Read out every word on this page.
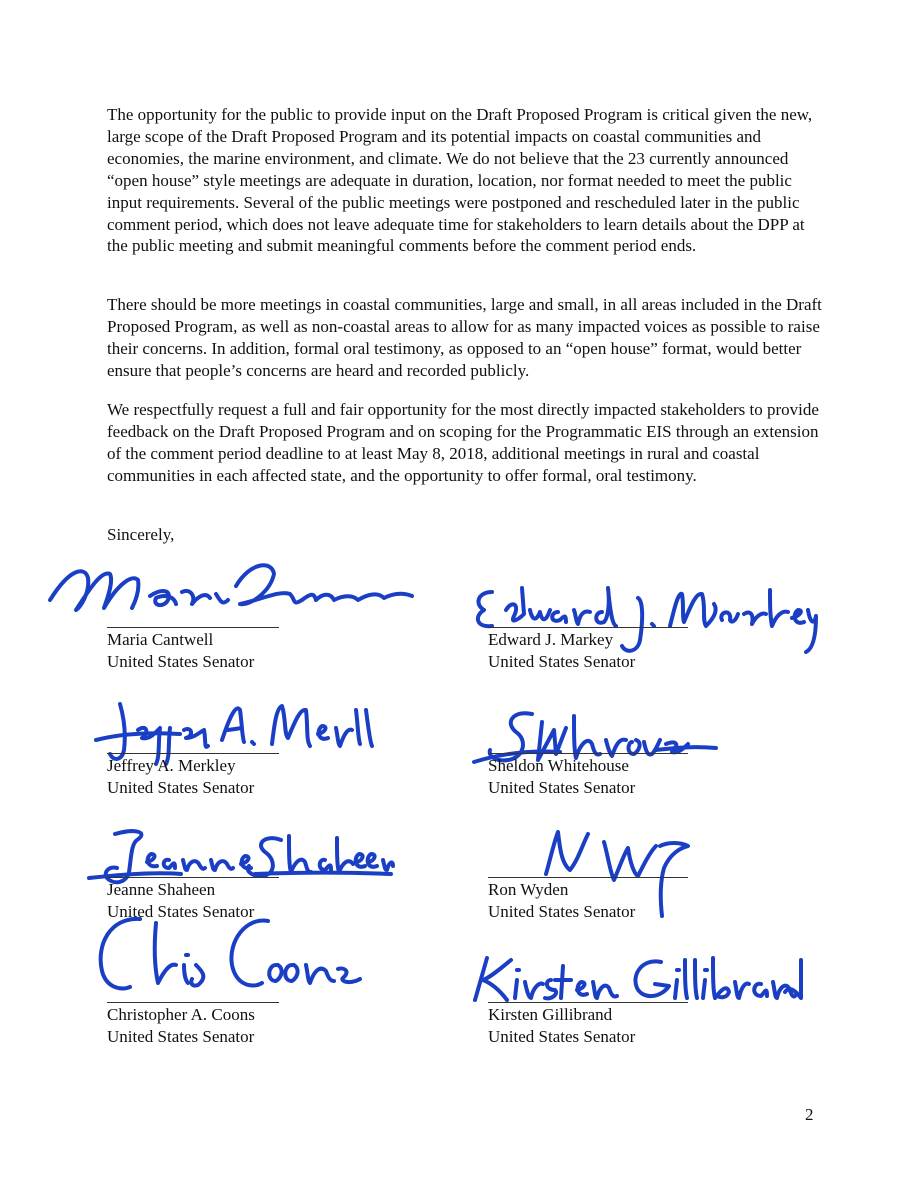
The opportunity for the public to provide input on the Draft Proposed Program is critical given the new, large scope of the Draft Proposed Program and its potential impacts on coastal communities and economies, the marine environment, and climate. We do not believe that the 23 currently announced “open house” style meetings are adequate in duration, location, nor format needed to meet the public input requirements. Several of the public meetings were postponed and rescheduled later in the public comment period, which does not leave adequate time for stakeholders to learn details about the DPP at the public meeting and submit meaningful comments before the comment period ends.

There should be more meetings in coastal communities, large and small, in all areas included in the Draft Proposed Program, as well as non-coastal areas to allow for as many impacted voices as possible to raise their concerns. In addition, formal oral testimony, as opposed to an “open house” format, would better ensure that people’s concerns are heard and recorded publicly.

We respectfully request a full and fair opportunity for the most directly impacted stakeholders to provide feedback on the Draft Proposed Program and on scoping for the Programmatic EIS through an extension of the comment period deadline to at least May 8, 2018, additional meetings in rural and coastal communities in each affected state, and the opportunity to offer formal, oral testimony.

Sincerely,
Maria Cantwell
United States Senator
Edward J. Markey
United States Senator
Jeffrey A. Merkley
United States Senator
Sheldon Whitehouse
United States Senator
Jeanne Shaheen
United States Senator
Ron Wyden
United States Senator
Christopher A. Coons
United States Senator
Kirsten Gillibrand
United States Senator
2
